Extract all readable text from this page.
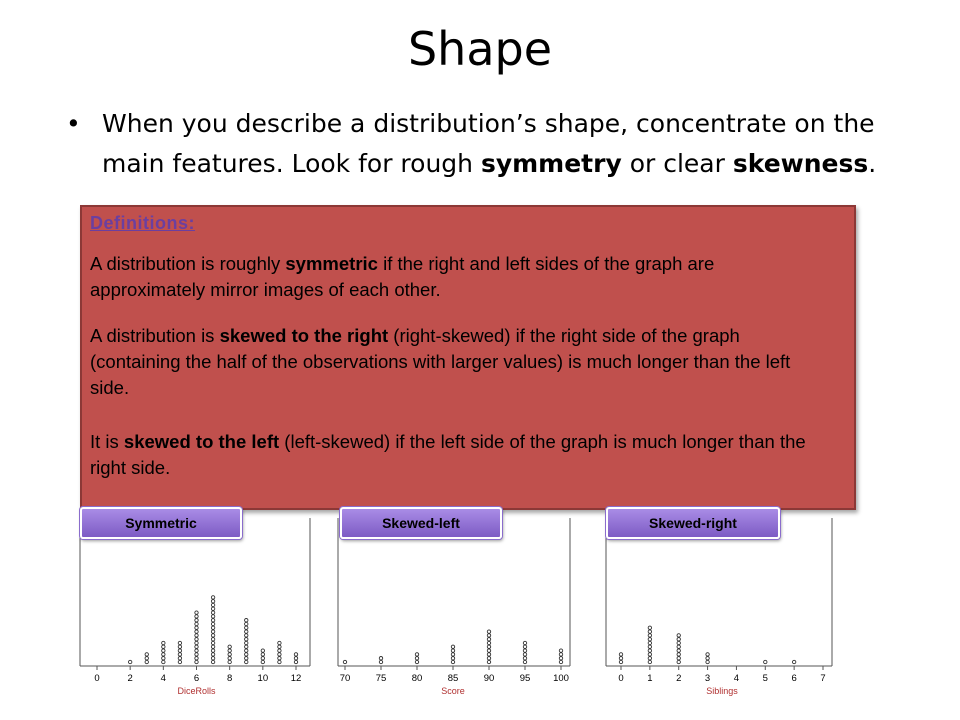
Shape
• When you describe a distribution’s shape, concentrate on the
main features. Look for rough symmetry or clear skewness.
0	2	4	6	8	10 12
DiceRolls
70	75	80	85	90	95 100
Score
0 1 2 3 4 5 6 7
Siblings
Definitions:
A distribution is roughly symmetric if the right and left sides of the graph are approximately mirror images of each other.
A distribution is skewed to the right (right-skewed) if the right side of the graph (containing the half of the observations with larger values) is much longer than the left side.
It is skewed to the left (left-skewed) if the left side of the graph is much longer than the right side.
Symmetric	Skewed-left	Skewed-right
